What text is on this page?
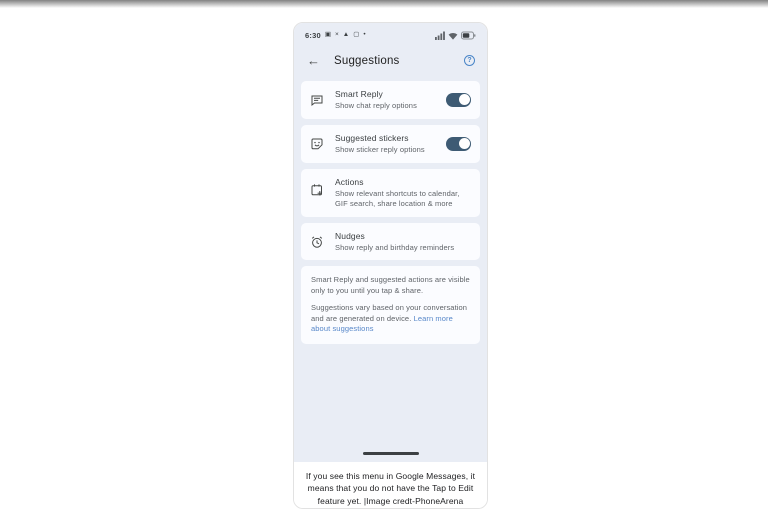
6:30 ▣ × ▲ ▢ •
← Suggestions	?
Smart Reply
Show chat reply options
Suggested stickers
Show sticker reply options
Actions
Show relevant shortcuts to calendar, GIF search, share location & more
Nudges
Show reply and birthday reminders

Smart Reply and suggested actions are visible only to you until you tap & share.

Suggestions vary based on your conversation and are generated on device. Learn more about suggestions

If you see this menu in Google Messages, it means that you do not have the Tap to Edit feature yet. |Image credt-PhoneArena
